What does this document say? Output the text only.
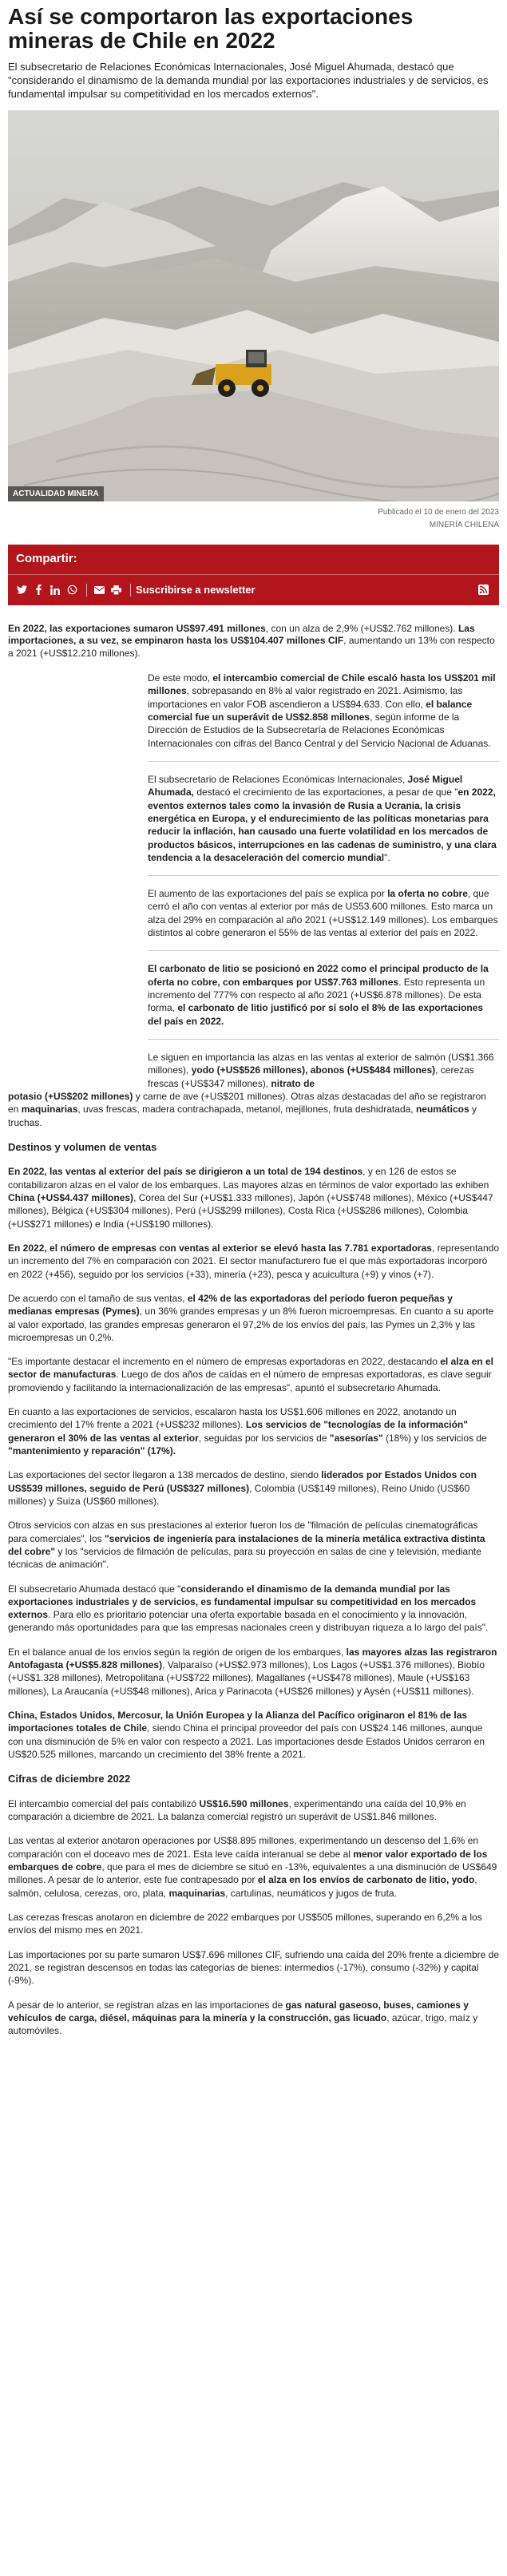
Así se comportaron las exportaciones mineras de Chile en 2022

El subsecretario de Relaciones Económicas Internacionales, José Miguel Ahumada, destacó que "considerando el dinamismo de la demanda mundial por las exportaciones industriales y de servicios, es fundamental impulsar su competitividad en los mercados externos".

ACTUALIDAD MINERA
Publicado el 10 de enero del 2023
MINERÍA CHILENA
Compartir:
Suscribirse a newsletter

En 2022, las exportaciones sumaron US$97.491 millones, con un alza de 2,9% (+US$2.762 millones). Las importaciones, a su vez, se empinaron hasta los US$104.407 millones CIF, aumentando un 13% con respecto a 2021 (+US$12.210 millones).

De este modo, el intercambio comercial de Chile escaló hasta los US$201 mil millones, sobrepasando en 8% al valor registrado en 2021. Asimismo, las importaciones en valor FOB ascendieron a US$94.633. Con ello, el balance comercial fue un superávit de US$2.858 millones, según informe de la Dirección de Estudios de la Subsecretaría de Relaciones Económicas Internacionales con cifras del Banco Central y del Servicio Nacional de Aduanas.

El subsecretario de Relaciones Económicas Internacionales, José Miguel Ahumada, destacó el crecimiento de las exportaciones, a pesar de que "en 2022, eventos externos tales como la invasión de Rusia a Ucrania, la crisis energética en Europa, y el endurecimiento de las políticas monetarias para reducir la inflación, han causado una fuerte volatilidad en los mercados de productos básicos, interrupciones en las cadenas de suministro, y una clara tendencia a la desaceleración del comercio mundial".

El aumento de las exportaciones del país se explica por la oferta no cobre, que cerró el año con ventas al exterior por más de US53.600 millones. Esto marca un alza del 29% en comparación al año 2021 (+US$12.149 millones). Los embarques distintos al cobre generaron el 55% de las ventas al exterior del país en 2022.

El carbonato de litio se posicionó en 2022 como el principal producto de la oferta no cobre, con embarques por US$7.763 millones. Esto representa un incremento del 777% con respecto al año 2021 (+US$6.878 millones). De esta forma, el carbonato de litio justificó por sí solo el 8% de las exportaciones del país en 2022.

Le siguen en importancia las alzas en las ventas al exterior de salmón (US$1.366 millones), yodo (+US$526 millones), abonos (+US$484 millones), cerezas frescas (+US$347 millones), nitrato de

potasio (+US$202 millones) y carne de ave (+US$201 millones). Otras alzas destacadas del año se registraron en maquinarias, uvas frescas, madera contrachapada, metanol, mejillones, fruta deshidratada, neumáticos y truchas.

Destinos y volumen de ventas

En 2022, las ventas al exterior del país se dirigieron a un total de 194 destinos, y en 126 de estos se contabilizaron alzas en el valor de los embarques. Las mayores alzas en términos de valor exportado las exhiben China (+US$4.437 millones), Corea del Sur (+US$1.333 millones), Japón (+US$748 millones), México (+US$447 millones), Bélgica (+US$304 millones), Perú (+US$299 millones), Costa Rica (+US$286 millones), Colombia (+US$271 millones) e India (+US$190 millones).

En 2022, el número de empresas con ventas al exterior se elevó hasta las 7.781 exportadoras, representando un incremento del 7% en comparación con 2021. El sector manufacturero fue el que más exportadoras incorporó en 2022 (+456), seguido por los servicios (+33), minería (+23), pesca y acuicultura (+9) y vinos (+7).

De acuerdo con el tamaño de sus ventas, el 42% de las exportadoras del período fueron pequeñas y medianas empresas (Pymes), un 36% grandes empresas y un 8% fueron microempresas. En cuanto a su aporte al valor exportado, las grandes empresas generaron el 97,2% de los envíos del país, las Pymes un 2,3% y las microempresas un 0,2%.

"Es importante destacar el incremento en el número de empresas exportadoras en 2022, destacando el alza en el sector de manufacturas. Luego de dos años de caídas en el número de empresas exportadoras, es clave seguir promoviendo y facilitando la internacionalización de las empresas", apuntó el subsecretario Ahumada.

En cuanto a las exportaciones de servicios, escalaron hasta los US$1.606 millones en 2022, anotando un crecimiento del 17% frente a 2021 (+US$232 millones). Los servicios de "tecnologías de la información" generaron el 30% de las ventas al exterior, seguidas por los servicios de "asesorías" (18%) y los servicios de "mantenimiento y reparación" (17%).

Las exportaciones del sector llegaron a 138 mercados de destino, siendo liderados por Estados Unidos con US$539 millones, seguido de Perú (US$327 millones), Colombia (US$149 millones), Reino Unido (US$60 millones) y Suiza (US$60 millones).

Otros servicios con alzas en sus prestaciones al exterior fueron los de "filmación de películas cinematográficas para comerciales", los "servicios de ingeniería para instalaciones de la minería metálica extractiva distinta del cobre" y los "servicios de filmación de películas, para su proyección en salas de cine y televisión, mediante técnicas de animación".

El subsecretario Ahumada destacó que "considerando el dinamismo de la demanda mundial por las exportaciones industriales y de servicios, es fundamental impulsar su competitividad en los mercados externos. Para ello es prioritario potenciar una oferta exportable basada en el conocimiento y la innovación, generando más oportunidades para que las empresas nacionales creen y distribuyan riqueza a lo largo del país".

En el balance anual de los envíos según la región de origen de los embarques, las mayores alzas las registraron Antofagasta (+US$5.828 millones), Valparaíso (+US$2.973 millones), Los Lagos (+US$1.376 millones), Biobío (+US$1.328 millones), Metropolitana (+US$722 millones), Magallanes (+US$478 millones), Maule (+US$163 millones), La Araucanía (+US$48 millones), Arica y Parinacota (+US$26 millones) y Aysén (+US$11 millones).

China, Estados Unidos, Mercosur, la Unión Europea y la Alianza del Pacífico originaron el 81% de las importaciones totales de Chile, siendo China el principal proveedor del país con US$24.146 millones, aunque con una disminución de 5% en valor con respecto a 2021. Las importaciones desde Estados Unidos cerraron en US$20.525 millones, marcando un crecimiento del 38% frente a 2021.

Cifras de diciembre 2022

El intercambio comercial del país contabilizó US$16.590 millones, experimentando una caída del 10,9% en comparación a diciembre de 2021. La balanza comercial registró un superávit de US$1.846 millones.

Las ventas al exterior anotaron operaciones por US$8.895 millones, experimentando un descenso del 1,6% en comparación con el doceavo mes de 2021. Esta leve caída interanual se debe al menor valor exportado de los embarques de cobre, que para el mes de diciembre se situó en -13%, equivalentes a una disminución de US$649 millones. A pesar de lo anterior, este fue contrapesado por el alza en los envíos de carbonato de litio, yodo, salmón, celulosa, cerezas, oro, plata, maquinarias, cartulinas, neumáticos y jugos de fruta.

Las cerezas frescas anotaron en diciembre de 2022 embarques por US$505 millones, superando en 6,2% a los envíos del mismo mes en 2021.

Las importaciones por su parte sumaron US$7.696 millones CIF, sufriendo una caída del 20% frente a diciembre de 2021, se registran descensos en todas las categorías de bienes: intermedios (-17%), consumo (-32%) y capital (-9%).

A pesar de lo anterior, se registran alzas en las importaciones de gas natural gaseoso, buses, camiones y vehículos de carga, diésel, máquinas para la minería y la construcción, gas licuado, azúcar, trigo, maíz y automóviles.
